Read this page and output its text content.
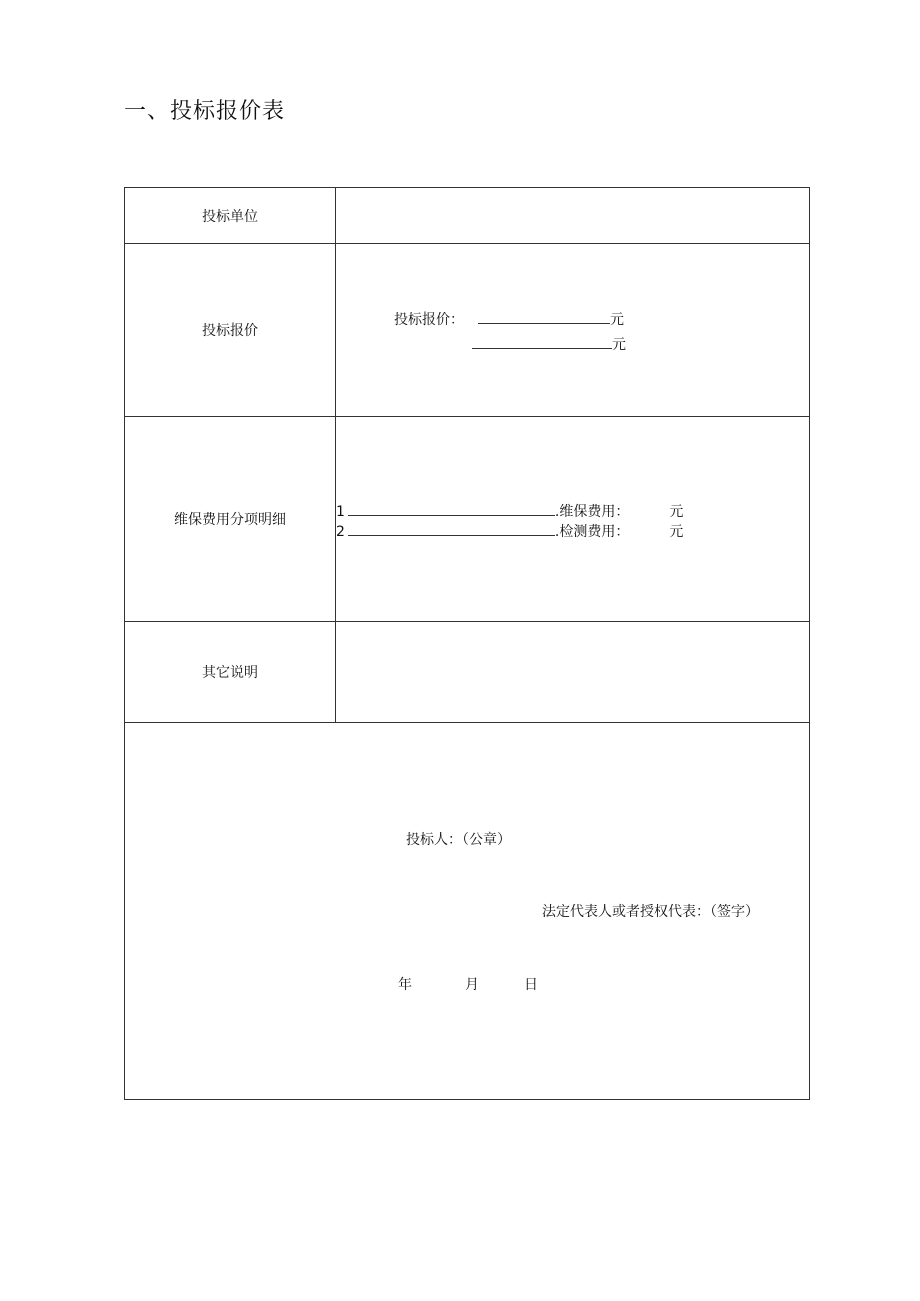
一、投标报价表
投标单位	
投标报价	投标报价： 元
元

维保费用分项明细	1 .维保费用： 元
2 .检测费用： 元

其它说明	

投标人：（公章）
法定代表人或者授权代表：（签字）
年 月 日	
